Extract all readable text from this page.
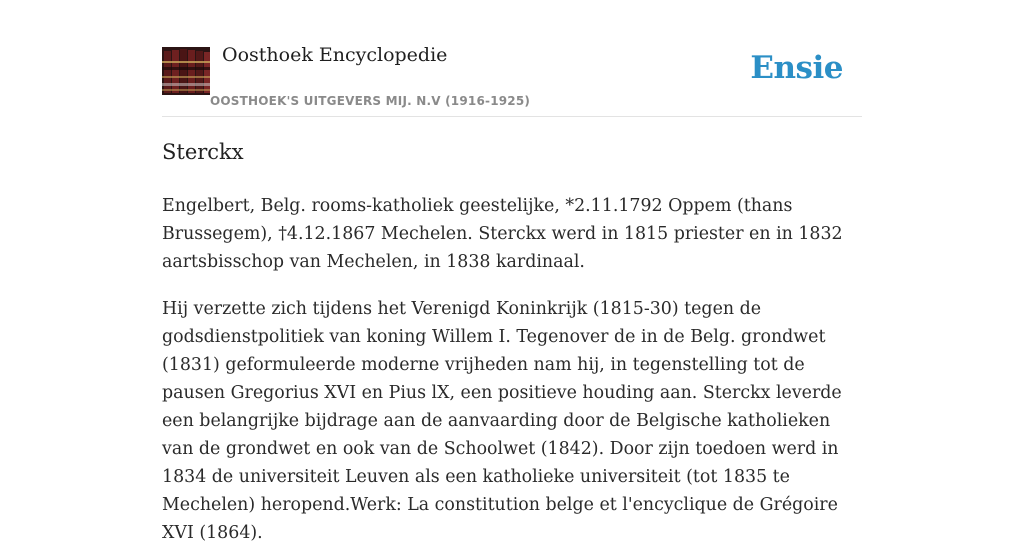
Oosthoek Encyclopedie
OOSTHOEK'S UITGEVERS MIJ. N.V (1916-1925)
Ensie
Sterckx

Engelbert, Belg. rooms-katholiek geestelijke, *2.11.1792 Oppem (thans Brussegem), †4.12.1867 Mechelen. Sterckx werd in 1815 priester en in 1832 aartsbisschop van Mechelen, in 1838 kardinaal.

Hij verzette zich tijdens het Verenigd Koninkrijk (1815-30) tegen de godsdienstpolitiek van koning Willem I. Tegenover de in de Belg. grondwet (1831) geformuleerde moderne vrijheden nam hij, in tegenstelling tot de pausen Gregorius XVI en Pius lX, een positieve houding aan. Sterckx leverde een belangrijke bijdrage aan de aanvaarding door de Belgische katholieken van de grondwet en ook van de Schoolwet (1842). Door zijn toedoen werd in 1834 de universiteit Leuven als een katholieke universiteit (tot 1835 te Mechelen) heropend.Werk: La constitution belge et l'encyclique de Grégoire XVI (1864).
